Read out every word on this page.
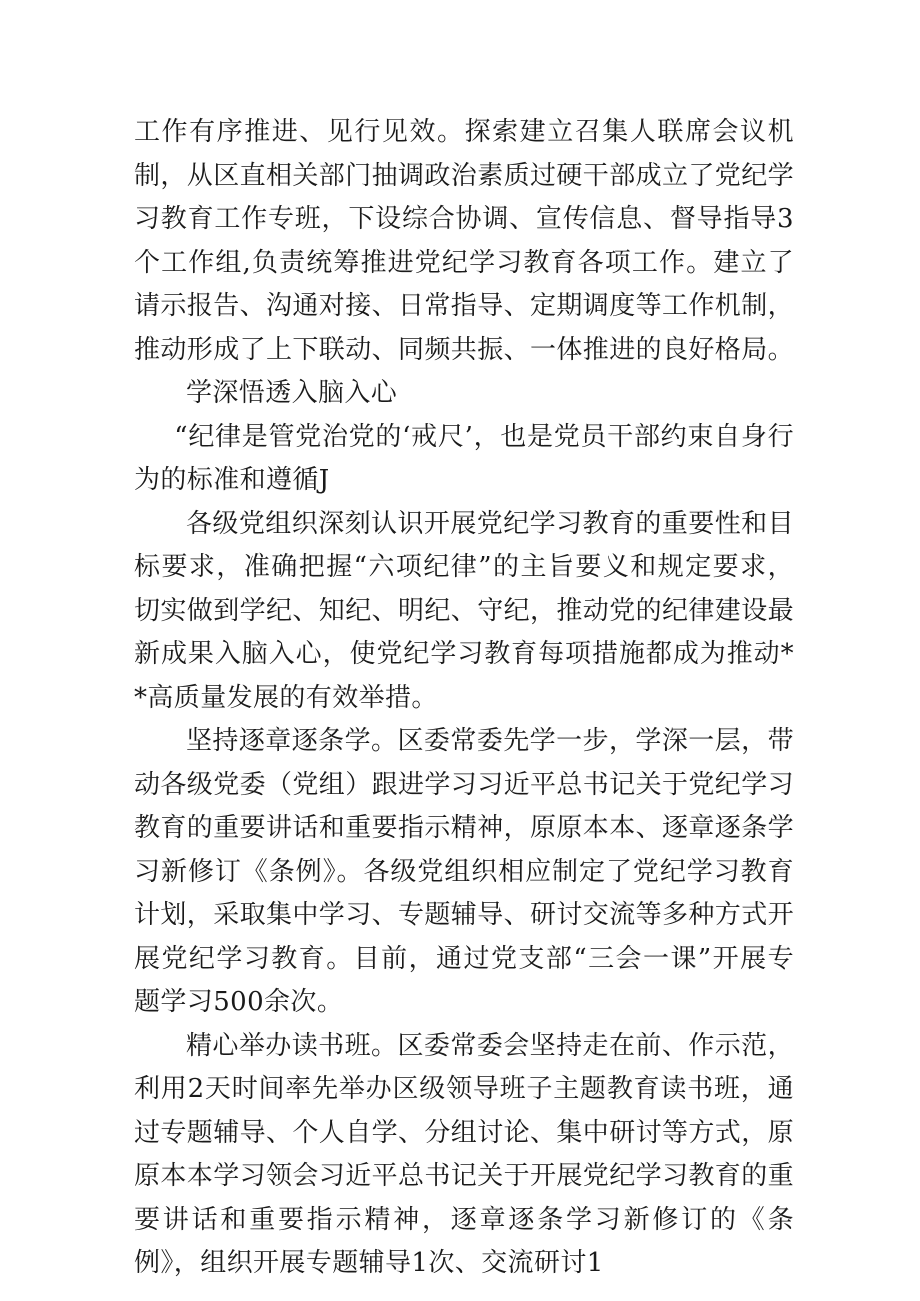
工作有序推进、见行见效。探索建立召集人联席会议机制，从区直相关部门抽调政治素质过硬干部成立了党纪学习教育工作专班，下设综合协调、宣传信息、督导指导3个工作组,负责统筹推进党纪学习教育各项工作。建立了请示报告、沟通对接、日常指导、定期调度等工作机制，推动形成了上下联动、同频共振、一体推进的良好格局。

学深悟透入脑入心

“纪律是管党治党的‘戒尺’，也是党员干部约束自身行为的标准和遵循J

各级党组织深刻认识开展党纪学习教育的重要性和目标要求，准确把握“六项纪律”的主旨要义和规定要求，切实做到学纪、知纪、明纪、守纪，推动党的纪律建设最新成果入脑入心，使党纪学习教育每项措施都成为推动**高质量发展的有效举措。

坚持逐章逐条学。区委常委先学一步，学深一层，带动各级党委（党组）跟进学习习近平总书记关于党纪学习教育的重要讲话和重要指示精神，原原本本、逐章逐条学习新修订《条例》。各级党组织相应制定了党纪学习教育计划，采取集中学习、专题辅导、研讨交流等多种方式开展党纪学习教育。目前，通过党支部“三会一课”开展专题学习500余次。

精心举办读书班。区委常委会坚持走在前、作示范，利用2天时间率先举办区级领导班子主题教育读书班，通过专题辅导、个人自学、分组讨论、集中研讨等方式，原原本本学习领会习近平总书记关于开展党纪学习教育的重要讲话和重要指示精神，逐章逐条学习新修订的《条例》，组织开展专题辅导1次、交流研讨1
